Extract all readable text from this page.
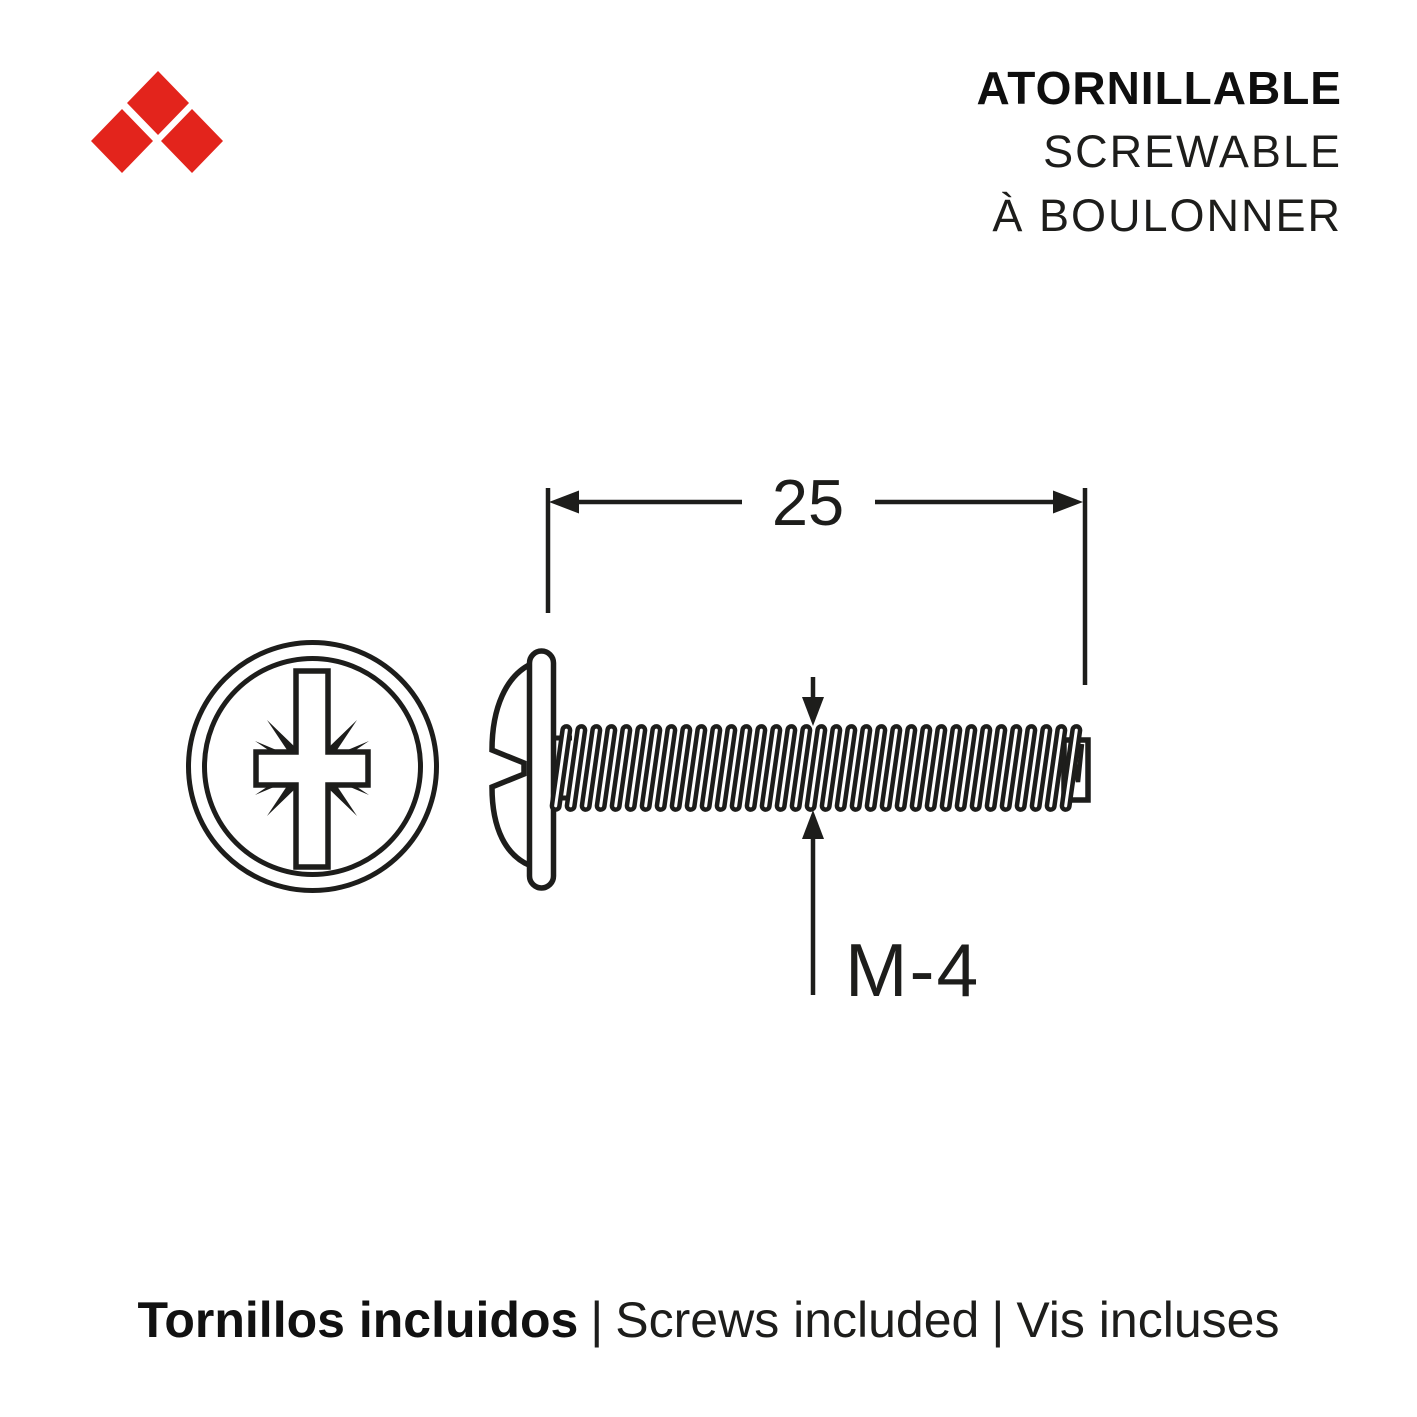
ATORNILLABLE
SCREWABLE
À BOULONNER
25
M-4
Tornillos incluidos | Screws included | Vis incluses
